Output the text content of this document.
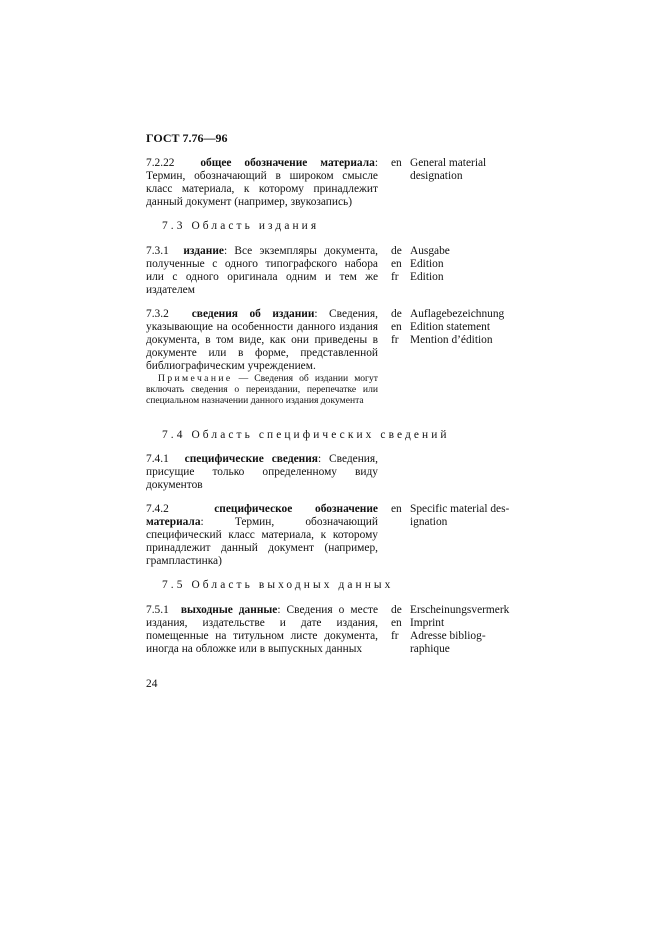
ГОСТ 7.76—96
7.2.22 общее обозначение материала: Термин, обозначающий в широком смысле класс материала, к которому принадлежит данный документ (например, звукозапись)
en General material
designation
7.3 Область издания
7.3.1 издание: Все экземпляры документа, полученные с одного типографского набора или с одного оригинала одним и тем же издателем
de Ausgabe
en Edition
fr	Edition
7.3.2 сведения об издании: Сведения, указывающие на особенности данного издания документа, в том виде, как они приведены в документе или в форме, представленной библиографическим учреждением.
Примечание — Сведения об издании могут включать сведения о переиздании, перепечатке или специальном назначении данного издания документа
de Auflagebezeichnung
en Edition statement
fr	Mention d’édition
7.4 Область специфических сведений
7.4.1 специфические сведения: Сведения, присущие только определенному виду документов
7.4.2	специфическое обозначение материала: Термин, обозначающий специфический класс материала, к которому принадлежит данный документ (например, грампластинка)
en Specific material des-
ignation
7.5 Область выходных данных
7.5.1 выходные данные: Сведения о месте издания, издательстве и дате издания, помещенные на титульном листе документа, иногда на обложке или в выпускных данных
de Erscheinungsvermerk
en Imprint
fr	Adresse bibliog-
raphique
24
